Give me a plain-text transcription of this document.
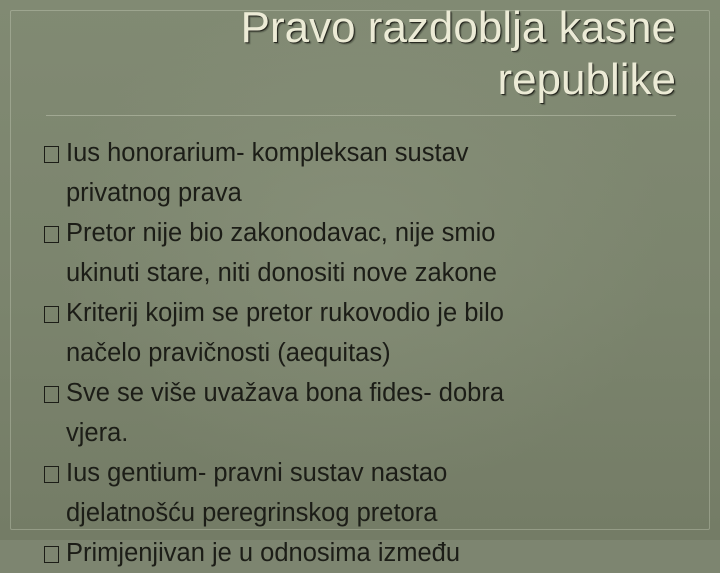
Pravo razdoblja kasne
republike
Ius honorarium- kompleksan sustav
privatnog prava
Pretor nije bio zakonodavac, nije smio
ukinuti stare, niti donositi nove zakone
Kriterij kojim se pretor rukovodio je bilo
načelo pravičnosti (aequitas)
Sve se više uvažava bona fides- dobra
vjera.
Ius gentium- pravni sustav nastao
djelatnošću peregrinskog pretora
Primjenjivan je u odnosima između
